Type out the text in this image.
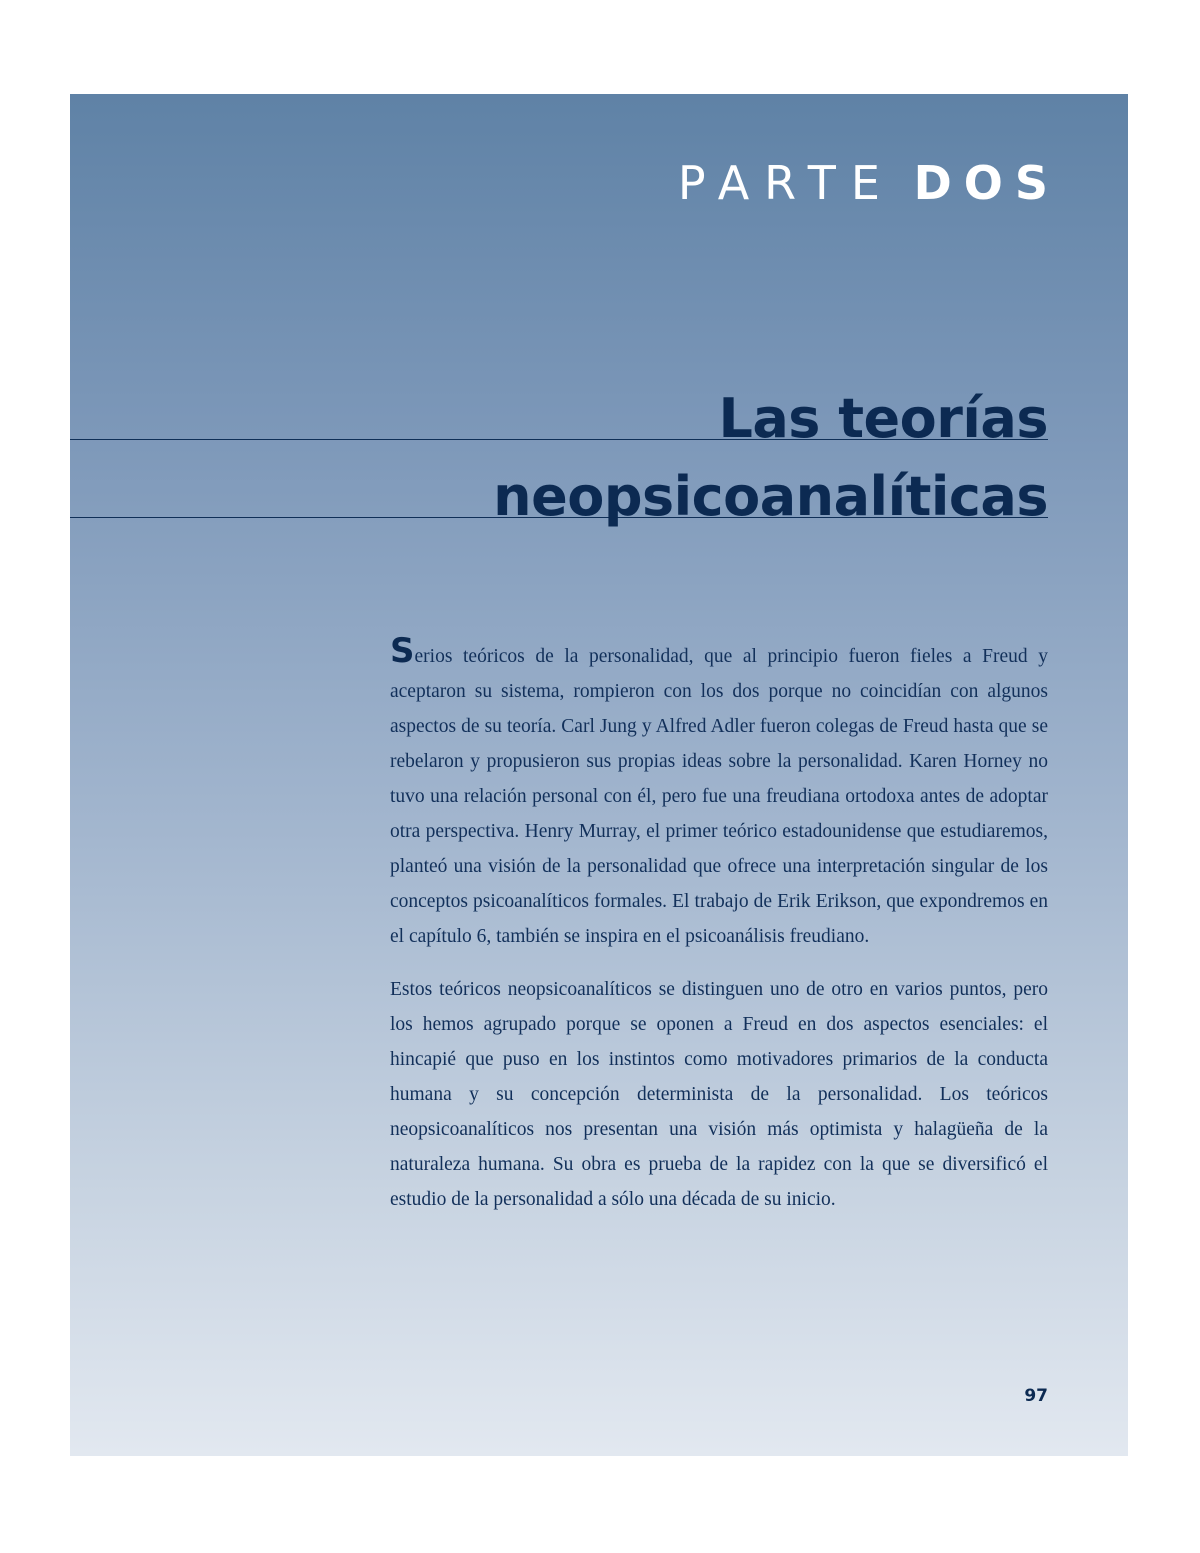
PARTE DOS
Las teorías
neopsicoanalíticas

Serios teóricos de la personalidad, que al principio fueron fieles a Freud y aceptaron su sistema, rompieron con los dos porque no coincidían con algunos aspectos de su teoría. Carl Jung y Alfred Adler fueron colegas de Freud hasta que se rebelaron y propusieron sus propias ideas sobre la personalidad. Karen Horney no tuvo una relación personal con él, pero fue una freudiana ortodoxa antes de adoptar otra perspectiva. Henry Murray, el primer teórico estadounidense que estudiaremos, planteó una visión de la personalidad que ofrece una interpretación singular de los conceptos psicoanalíticos formales. El trabajo de Erik Erikson, que expondremos en el capítulo 6, también se inspira en el psicoanálisis freudiano.

Estos teóricos neopsicoanalíticos se distinguen uno de otro en varios puntos, pero los hemos agrupado porque se oponen a Freud en dos aspectos esenciales: el hincapié que puso en los instintos como motivadores primarios de la conducta humana y su concepción determinista de la personalidad. Los teóricos neopsicoanalíticos nos presentan una visión más optimista y halagüeña de la naturaleza humana. Su obra es prueba de la rapidez con la que se diversificó el estudio de la personalidad a sólo una década de su inicio.

97
